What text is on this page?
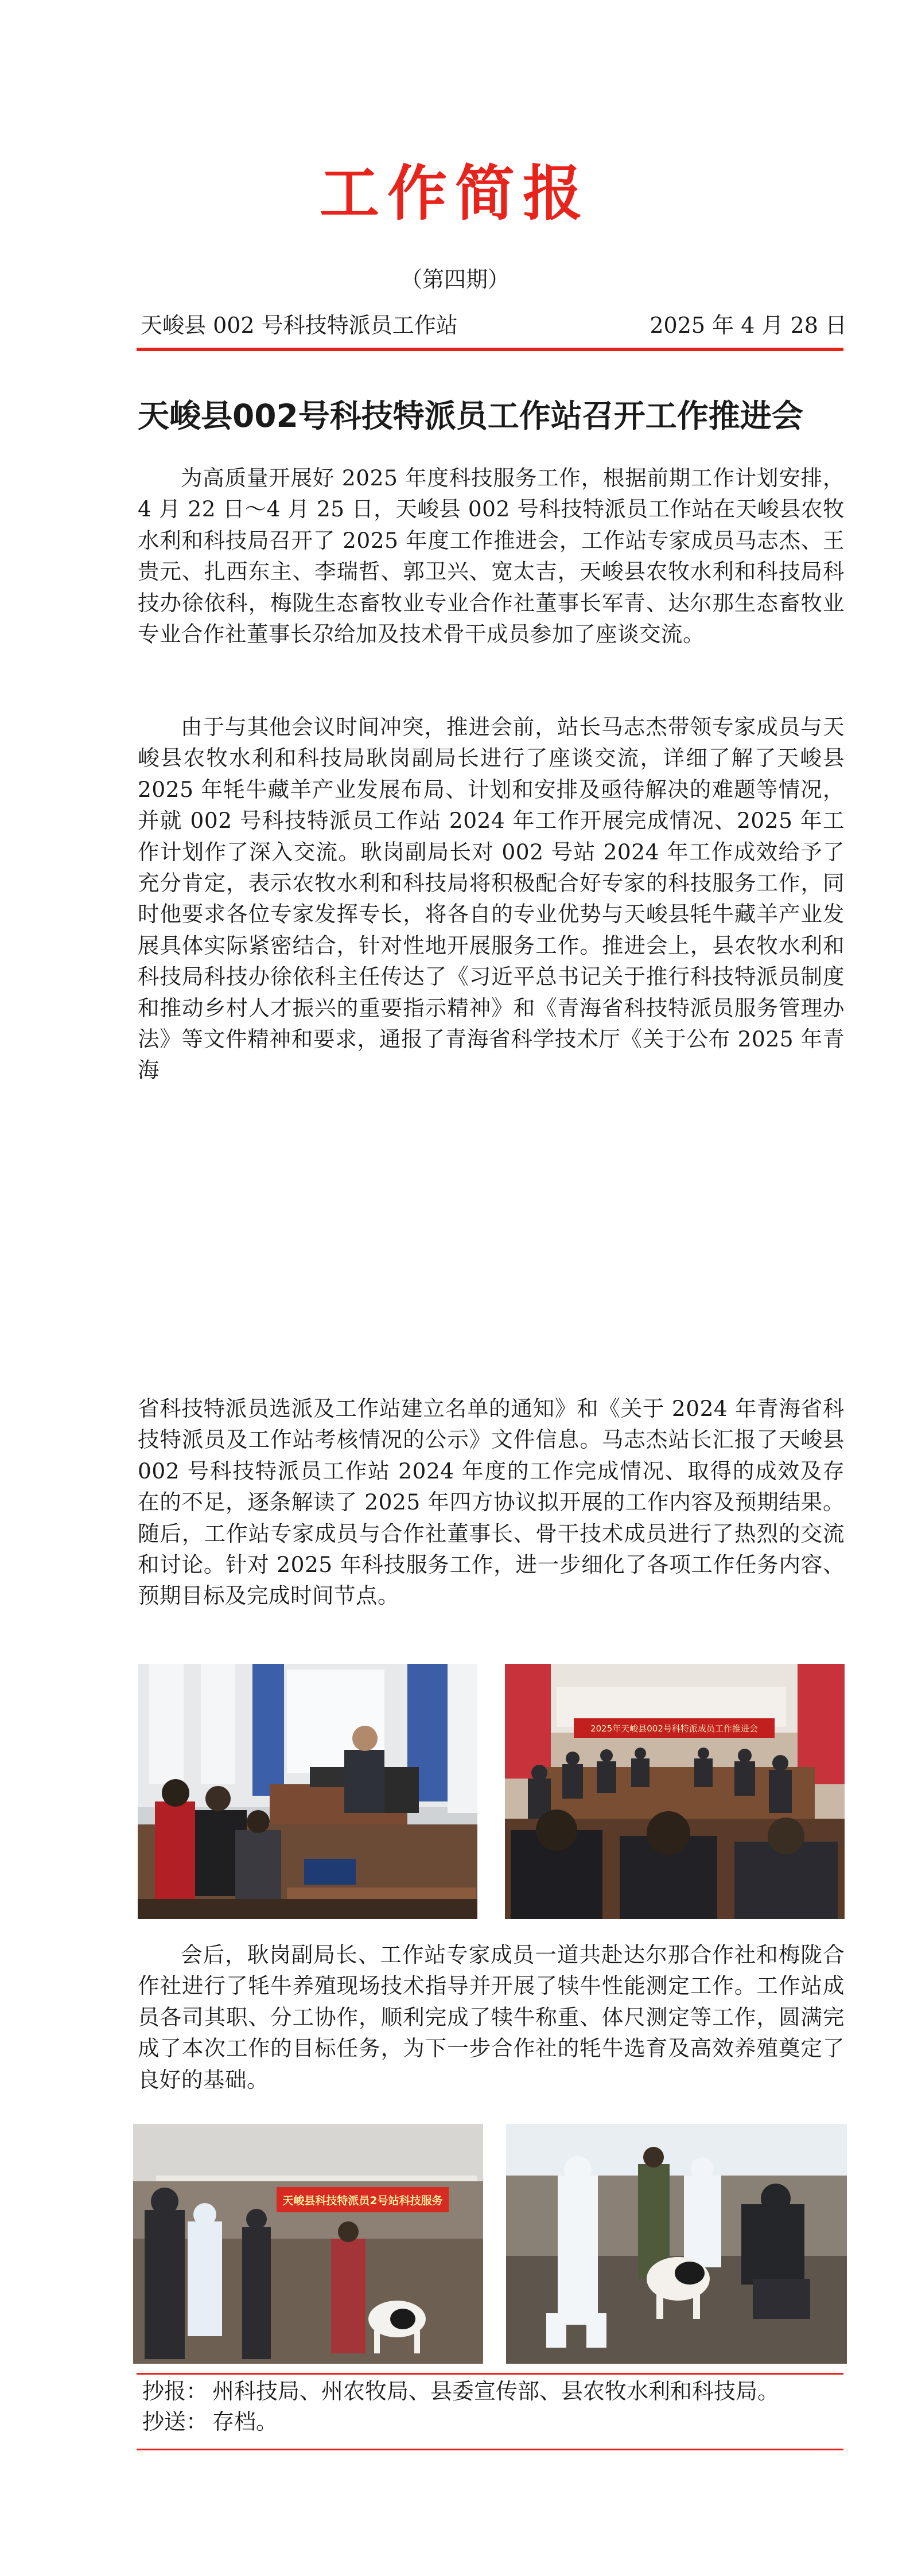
工作简报
（第四期）
天峻县 002 号科技特派员工作站	2025 年 4 月 28 日
天峻县002号科技特派员工作站召开工作推进会

为高质量开展好 2025 年度科技服务工作，根据前期工作计划安排，4 月 22 日～4 月 25 日，天峻县 002 号科技特派员工作站在天峻县农牧水利和科技局召开了 2025 年度工作推进会，工作站专家成员马志杰、王贵元、扎西东主、李瑞哲、郭卫兴、宽太吉，天峻县农牧水利和科技局科技办徐依科，梅陇生态畜牧业专业合作社董事长军青、达尔那生态畜牧业专业合作社董事长尕给加及技术骨干成员参加了座谈交流。

由于与其他会议时间冲突，推进会前，站长马志杰带领专家成员与天峻县农牧水利和科技局耿岗副局长进行了座谈交流，详细了解了天峻县 2025 年牦牛藏羊产业发展布局、计划和安排及亟待解决的难题等情况，并就 002 号科技特派员工作站 2024 年工作开展完成情况、2025 年工作计划作了深入交流。耿岗副局长对 002 号站 2024 年工作成效给予了充分肯定，表示农牧水利和科技局将积极配合好专家的科技服务工作，同时他要求各位专家发挥专长，将各自的专业优势与天峻县牦牛藏羊产业发展具体实际紧密结合，针对性地开展服务工作。推进会上，县农牧水利和科技局科技办徐依科主任传达了《习近平总书记关于推行科技特派员制度和推动乡村人才振兴的重要指示精神》和《青海省科技特派员服务管理办法》等文件精神和要求，通报了青海省科学技术厅《关于公布 2025 年青海

省科技特派员选派及工作站建立名单的通知》和《关于 2024 年青海省科技特派员及工作站考核情况的公示》文件信息。马志杰站长汇报了天峻县 002 号科技特派员工作站 2024 年度的工作完成情况、取得的成效及存在的不足，逐条解读了 2025 年四方协议拟开展的工作内容及预期结果。随后，工作站专家成员与合作社董事长、骨干技术成员进行了热烈的交流和讨论。针对 2025 年科技服务工作，进一步细化了各项工作任务内容、预期目标及完成时间节点。

2025年天峻县002号科特派成员工作推进会

会后，耿岗副局长、工作站专家成员一道共赴达尔那合作社和梅陇合作社进行了牦牛养殖现场技术指导并开展了犊牛性能测定工作。工作站成员各司其职、分工协作，顺利完成了犊牛称重、体尺测定等工作，圆满完成了本次工作的目标任务，为下一步合作社的牦牛选育及高效养殖奠定了良好的基础。

天峻县科技特派员2号站科技服务
抄报： 州科技局、州农牧局、县委宣传部、县农牧水利和科技局。
抄送： 存档。
